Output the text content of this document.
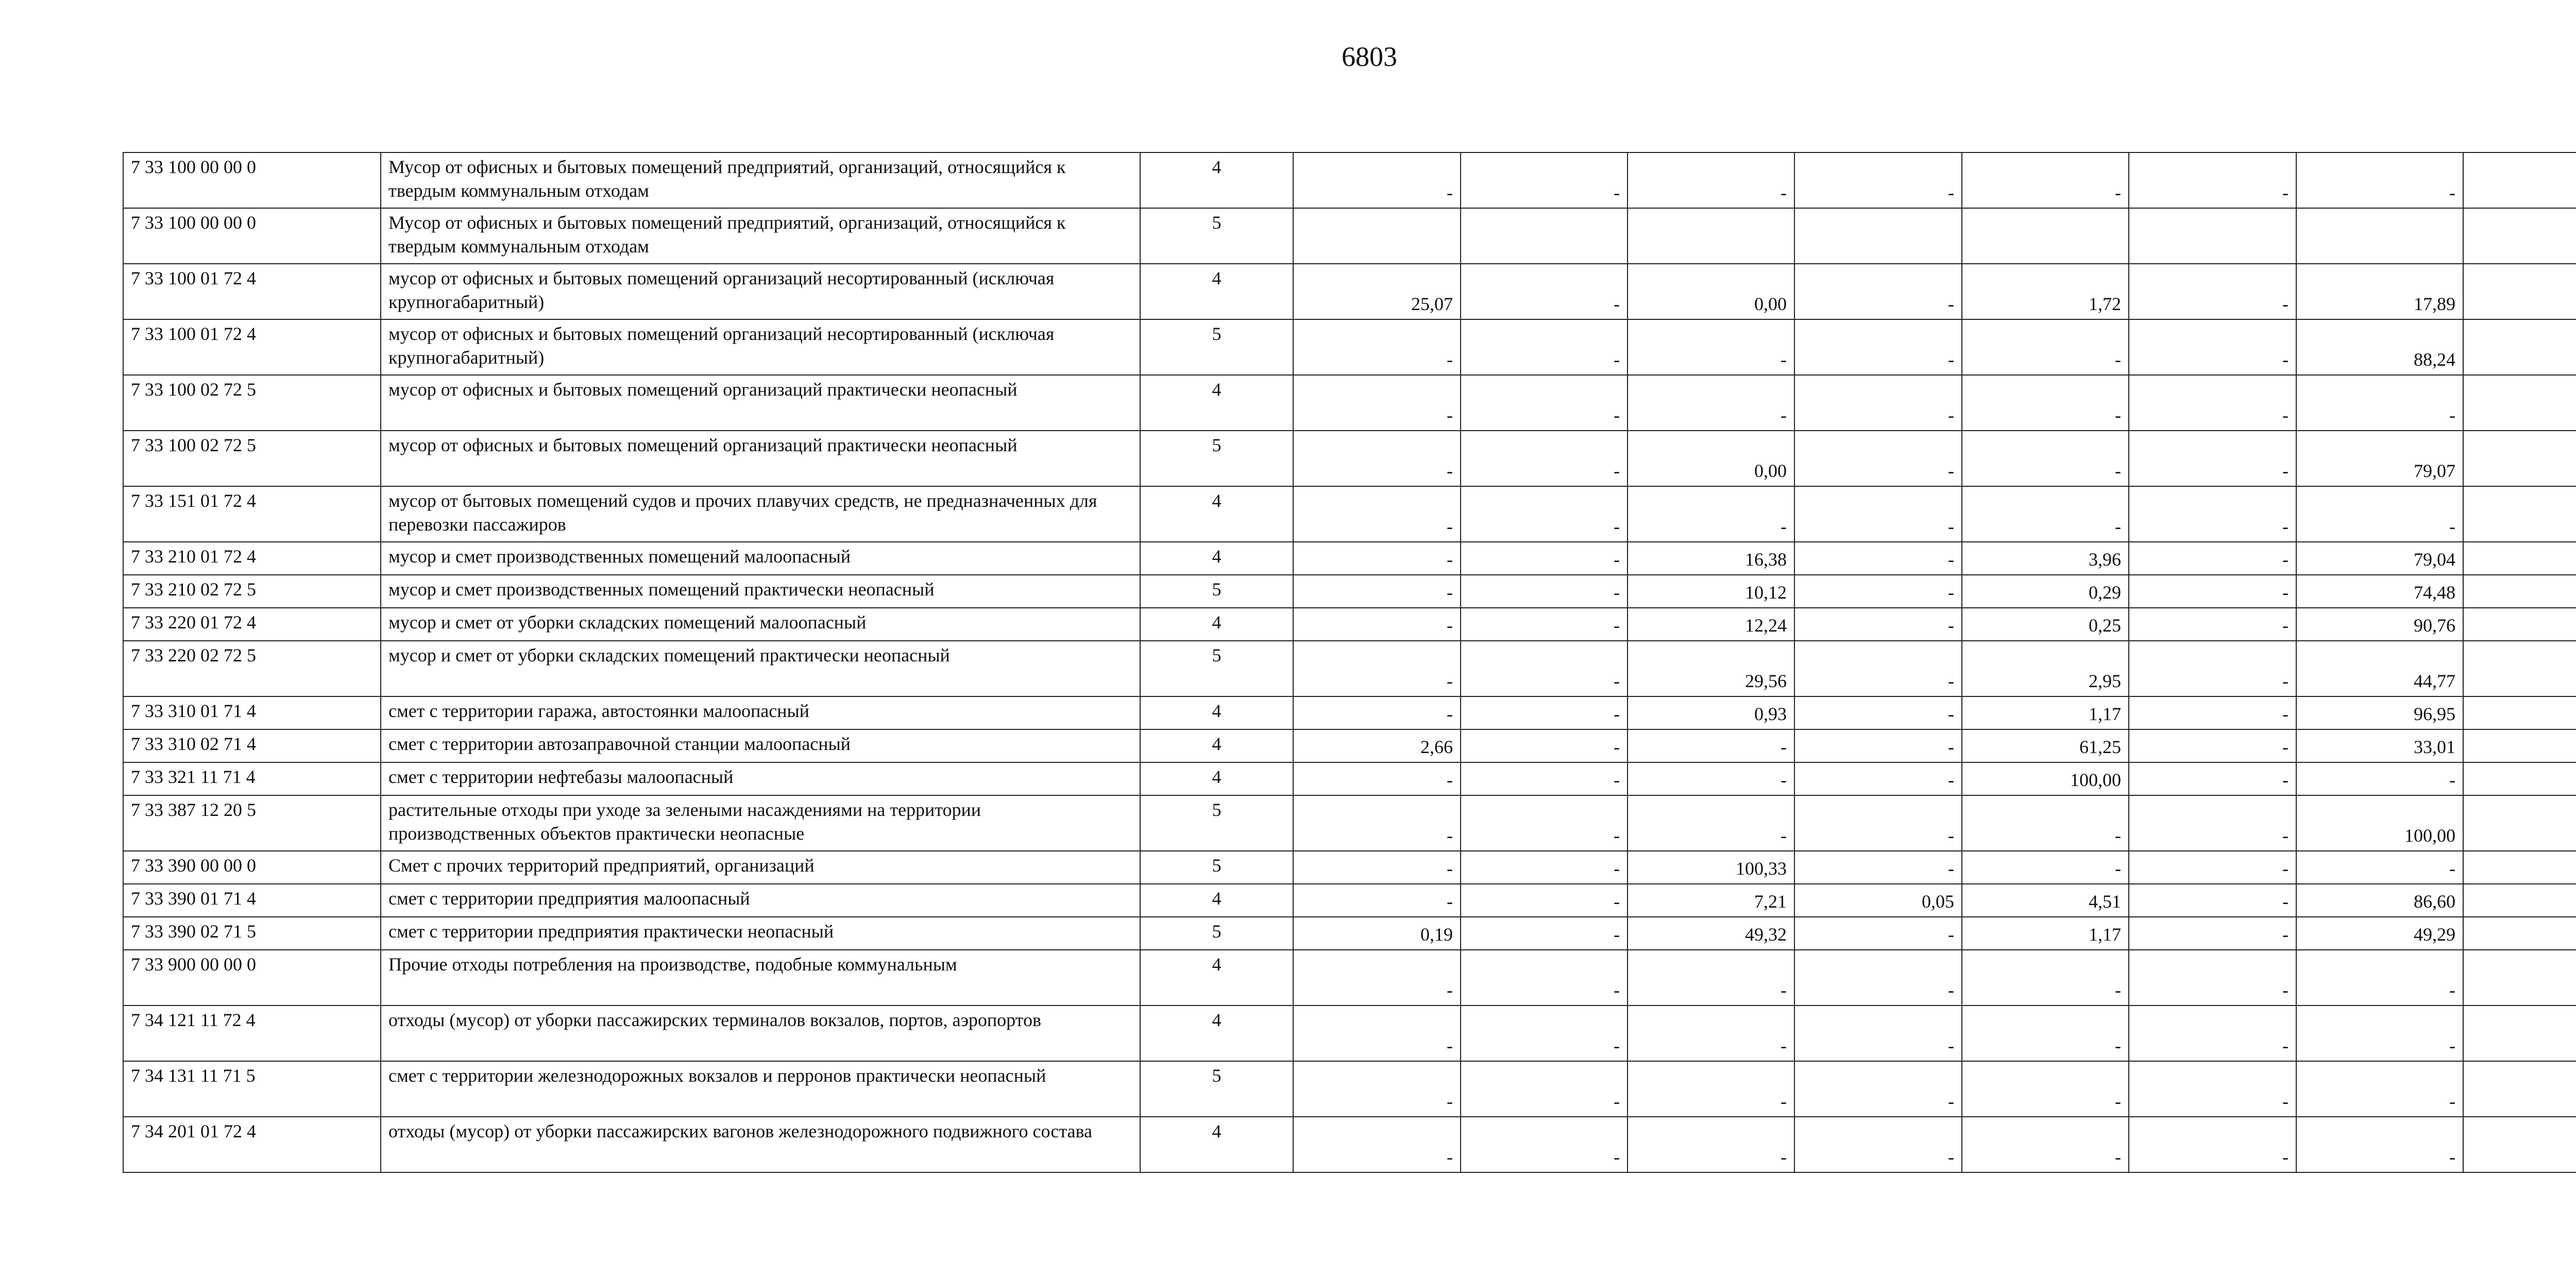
6803
7 33 100 00 00 0	Мусор от офисных и бытовых помещений предприятий, организаций, относящийся к твердым коммунальным отходам	4	-	-	-	-	-	-	-	
7 33 100 00 00 0	Мусор от офисных и бытовых помещений предприятий, организаций, относящийся к твердым коммунальным отходам	5								
7 33 100 01 72 4	мусор от офисных и бытовых помещений организаций несортированный (исключая крупногабаритный)	4	25,07	-	0,00	-	1,72	-	17,89	
7 33 100 01 72 4	мусор от офисных и бытовых помещений организаций несортированный (исключая крупногабаритный)	5	-	-	-	-	-	-	88,24	
7 33 100 02 72 5	мусор от офисных и бытовых помещений организаций практически неопасный	4	-	-	-	-	-	-	-	
7 33 100 02 72 5	мусор от офисных и бытовых помещений организаций практически неопасный	5	-	-	0,00	-	-	-	79,07	
7 33 151 01 72 4	мусор от бытовых помещений судов и прочих плавучих средств, не предназначенных для перевозки пассажиров	4	-	-	-	-	-	-	-	
7 33 210 01 72 4	мусор и смет производственных помещений малоопасный	4	-	-	16,38	-	3,96	-	79,04	
7 33 210 02 72 5	мусор и смет производственных помещений практически неопасный	5	-	-	10,12	-	0,29	-	74,48	
7 33 220 01 72 4	мусор и смет от уборки складских помещений малоопасный	4	-	-	12,24	-	0,25	-	90,76	
7 33 220 02 72 5	мусор и смет от уборки складских помещений практически неопасный	5	-	-	29,56	-	2,95	-	44,77	
7 33 310 01 71 4	смет с территории гаража, автостоянки малоопасный	4	-	-	0,93	-	1,17	-	96,95	
7 33 310 02 71 4	смет с территории автозаправочной станции малоопасный	4	2,66	-	-	-	61,25	-	33,01	
7 33 321 11 71 4	смет с территории нефтебазы малоопасный	4	-	-	-	-	100,00	-	-	
7 33 387 12 20 5	растительные отходы при уходе за зелеными насаждениями на территории производственных объектов практически неопасные	5	-	-	-	-	-	-	100,00	
7 33 390 00 00 0	Смет с прочих территорий предприятий, организаций	5	-	-	100,33	-	-	-	-	
7 33 390 01 71 4	смет с территории предприятия малоопасный	4	-	-	7,21	0,05	4,51	-	86,60	
7 33 390 02 71 5	смет с территории предприятия практически неопасный	5	0,19	-	49,32	-	1,17	-	49,29	
7 33 900 00 00 0	Прочие отходы потребления на производстве, подобные коммунальным	4	-	-	-	-	-	-	-	
7 34 121 11 72 4	отходы (мусор) от уборки пассажирских терминалов вокзалов, портов, аэропортов	4	-	-	-	-	-	-	-	
7 34 131 11 71 5	смет с территории железнодорожных вокзалов и перронов практически неопасный	5	-	-	-	-	-	-	-	
7 34 201 01 72 4	отходы (мусор) от уборки пассажирских вагонов железнодорожного подвижного состава	4	-	-	-	-	-	-	-	
